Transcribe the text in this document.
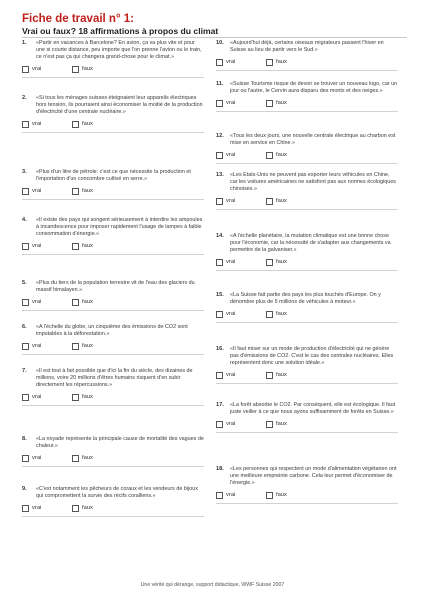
Fiche de travail n° 1:
Vrai ou faux? 18 affirmations à propos du climat
1.	«Partir en vacances à Barcelone? En avion, ça va plus vite et pour une si courte distance, peu importe que l'on prenne l'avion ou le train, ce n'est pas ça qui changera grand-chose pour le climat.»
vrai	faux
2.	«Si tous les ménages suisses éteignaient leur appareils électriques hors tension, ils pourraient ainsi économiser la moitié de la production d'électricité d'une centrale nucléaire.»
vrai	faux
3.	«Plus d'un litre de pétrole: c'est ce que nécessite la production et l'importation d'un concombre cultivé en serre.»
vrai	faux
4.	«Il existe des pays qui songent sérieusement à interdire les ampoules à incandescence pour imposer rapidement l'usage de lampes à faible consommation d'énergie.»
vrai	faux
5.	«Plus du tiers de la population terrestre vit de l'eau des glaciers du massif himalayen.»
vrai	faux
6.	«A l'échelle du globe, un cinquième des émissions de CO2 sont imputables à la déforestation.»
vrai	faux
7.	«Il est tout à fait possible que d'ici la fin du siècle, des dizaines de millions, voire 20 millions d'êtres humains risquent d'en subir directement les répercussions.»
vrai	faux
8.	«La noyade représente la principale cause de mortalité des vagues de chaleur.»
vrai	faux
9.	«C'est notamment les pêcheurs de coraux et les vendeurs de bijoux qui compromettent la survie des récifs coralliens.»
vrai	faux
10.	«Aujourd'hui déjà, certains oiseaux migrateurs passent l'hiver en Suisse au lieu de partir vers le Sud.»
vrai	faux
11.	«Suisse Tourisme risque de devoir se trouver un nouveau logo, car un jour ou l'autre, le Cervin aura disparu des monts et des neiges.»
vrai	faux
12.	«Tous les deux jours, une nouvelle centrale électrique au charbon est mise en service en Chine.»
vrai	faux
13.	«Les Etats-Unis ne peuvent pas exporter leurs véhicules en Chine, car les voitures américaines ne satisfont pas aux normes écologiques chinoises.»
vrai	faux
14.	«A l'échelle planétaire, la mutation climatique est une bonne chose pour l'économie, car la nécessité de s'adapter aux changements va permettre de la galvaniser.»
vrai	faux
15.	«La Suisse fait partie des pays les plus touchés d'Europe. On y dénombre plus de 5 millions de véhicules à moteur.»
vrai	faux
16.	«Il faut miser sur un mode de production d'électricité qui ne génère pas d'émissions de CO2. C'est le cas des centrales nucléaires. Elles représentent donc une solution idéale.»
vrai	faux
17.	«La forêt absorbe le CO2. Par conséquent, elle est écologique. Il faut juste veiller à ce que nous ayons suffisamment de forêts en Suisse.»
vrai	faux
18.	«Les personnes qui respectent un mode d'alimentation végétarien ont une meilleure empreinte carbone. Cela leur permet d'économiser de l'énergie.»
vrai	faux
Une vérité qui dérange, support didactique, WWF Suisse 2007
